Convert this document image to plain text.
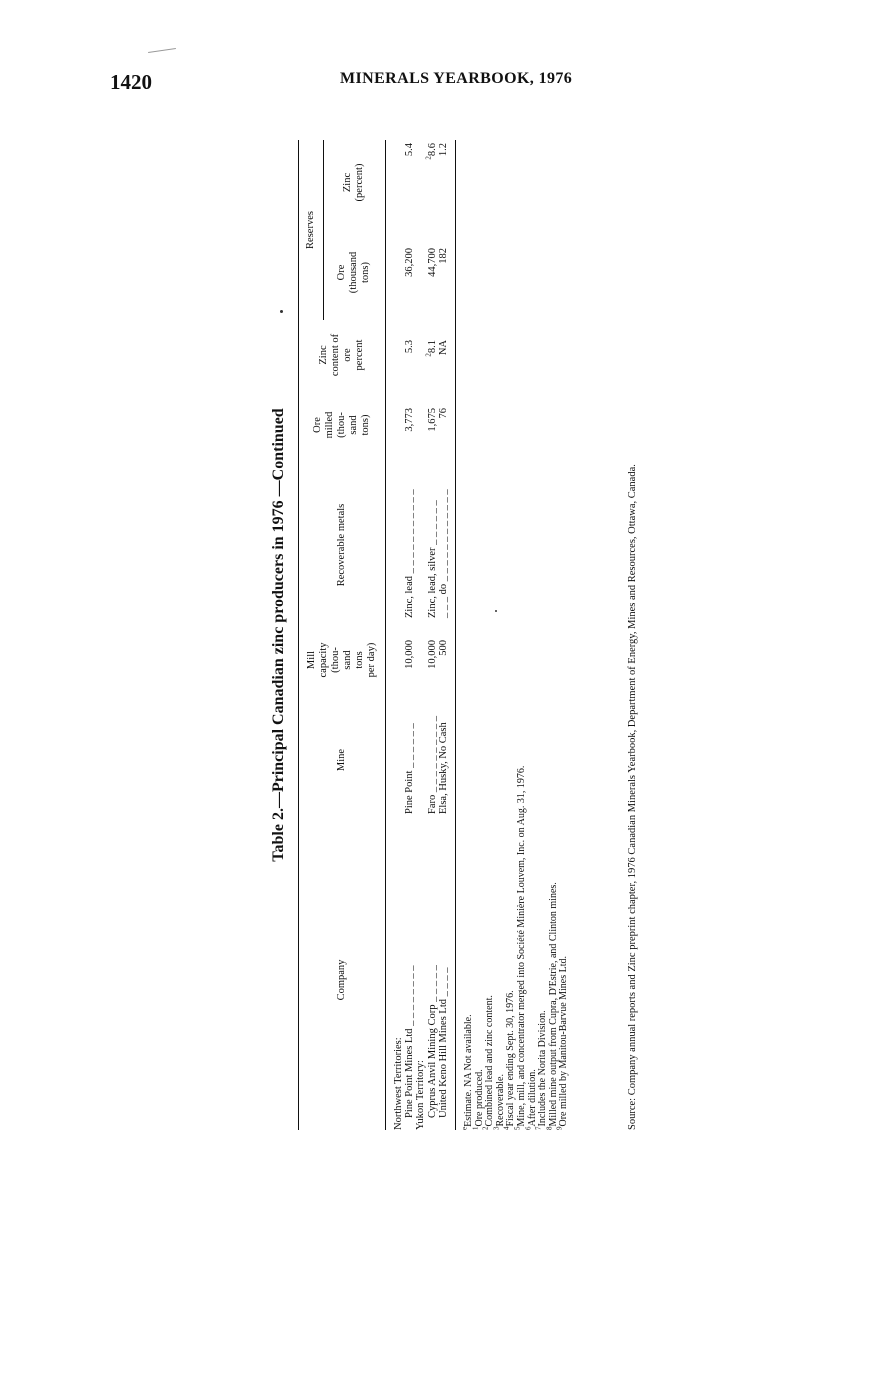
1420	MINERALS YEARBOOK, 1976
Table 2.—Principal Canadian zinc producers in 1976 —Continued
Company
Mine
Mill capacity (thou- sand tons per day)
Recoverable metals
Ore milled (thou- sand tons)
Zinc content of ore percent
Reserves
Ore (thousand tons)
Zinc (percent)
Northwest Territories: Pine Point Mines Ltd _ _ _ _ _ _ _ _ Yukon Territory: Cyprus Anvil Mining Corp _ _ _ _ _ United Keno Hill Mines Ltd _ _ _ _
Pine Point _ _ _ _ _ _ Faro _ _ _ _ _ _ _ _ _ _ Elsa, Husky, No Cash
10,000 10,000 500
Zinc, lead _ _ _ _ _ _ _ _ _ _ _ Zinc, lead, silver _ _ _ _ _ _ _ _ _ do _ _ _ _ _ _ _ _ _ _ _ _
3,773 1,675 76
5.3
$^2$8.1 NA
36,200 44,700 182
5.4
$^2$8.6 1.2
$^e$Estimate. NA Not available.
$^1$Ore produced.
$^2$Combined lead and zinc content.
$^3$Recoverable.
$^4$Fiscal year ending Sept. 30, 1976.
$^5$Mine, mill, and concentrator merged into Société Minière Louvem, Inc. on Aug. 31, 1976.
$^6$After dilution.
$^7$Includes the Norita Division.
$^8$Milled mine output from Cupra, D'Estrie, and Clinton mines.
$^9$Ore milled by Manitou-Barvue Mines Ltd.	Source: Company annual reports and Zinc preprint chapter, 1976 Canadian Minerals Yearbook, Department of Energy, Mines and Resources, Ottawa, Canada.
